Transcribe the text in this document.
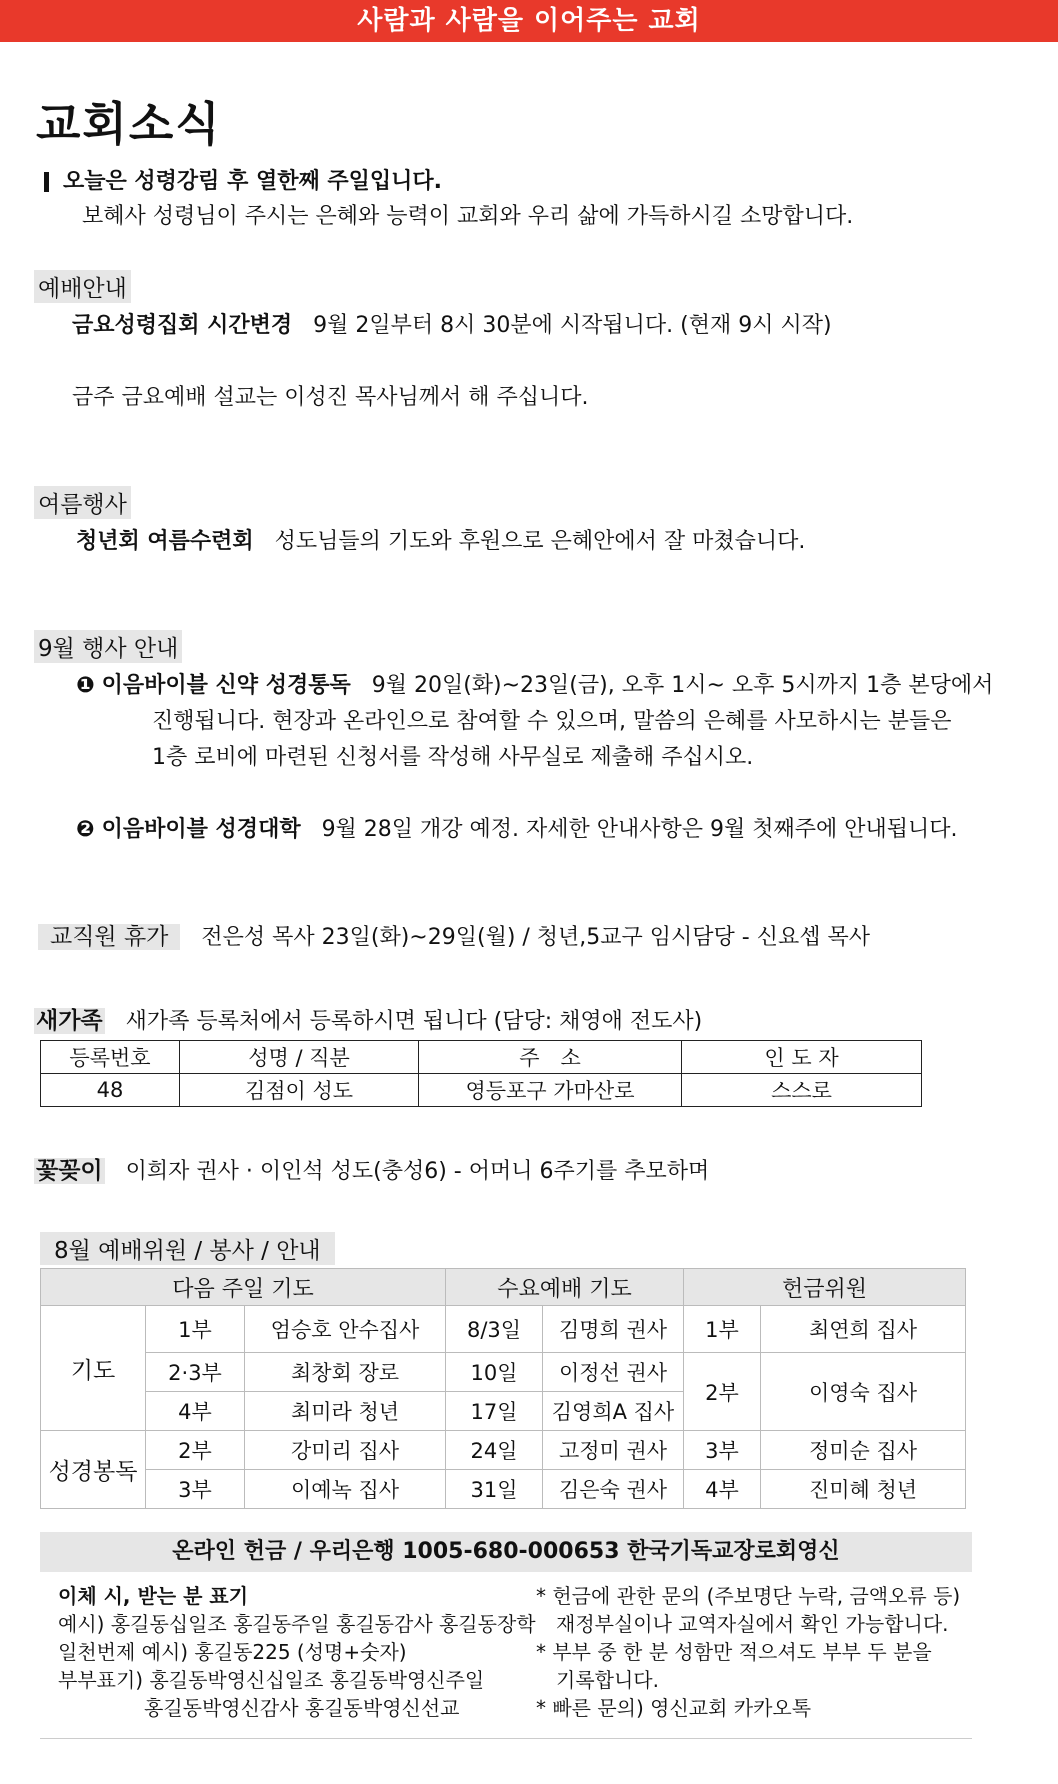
사람과 사람을 이어주는 교회
교회소식
오늘은 성령강림 후 열한째 주일입니다.
보혜사 성령님이 주시는 은혜와 능력이 교회와 우리 삶에 가득하시길 소망합니다.
예배안내
금요성령집회 시간변경 9월 2일부터 8시 30분에 시작됩니다. (현재 9시 시작)
금주 금요예배 설교는 이성진 목사님께서 해 주십니다.
여름행사
청년회 여름수련회 성도님들의 기도와 후원으로 은혜안에서 잘 마쳤습니다.
9월 행사 안내
❶ 이음바이블 신약 성경통독 9월 20일(화)~23일(금), 오후 1시~ 오후 5시까지 1층 본당에서
진행됩니다. 현장과 온라인으로 참여할 수 있으며, 말씀의 은혜를 사모하시는 분들은
1층 로비에 마련된 신청서를 작성해 사무실로 제출해 주십시오.
❷ 이음바이블 성경대학 9월 28일 개강 예정. 자세한 안내사항은 9월 첫째주에 안내됩니다.
교직원 휴가 전은성 목사 23일(화)~29일(월) / 청년,5교구 임시담당 - 신요셉 목사
새가족 새가족 등록처에서 등록하시면 됩니다 (담당: 채영애 전도사)
등록번호	성명 / 직분	주　소	인 도 자
48	김점이 성도	영등포구 가마산로	스스로
꽃꽂이 이희자 권사 · 이인석 성도(충성6) - 어머니 6주기를 추모하며
8월 예배위원 / 봉사 / 안내
다음 주일 기도			수요예배 기도		헌금위원	
기도	1부	엄승호 안수집사	8/3일	김명희 권사	1부	최연희 집사
	2·3부	최창회 장로	10일	이정선 권사	2부	이영숙 집사
	4부	최미라 청년	17일	김영희A 집사		
성경봉독	2부	강미리 집사	24일	고정미 권사	3부	정미순 집사
	3부	이예녹 집사	31일	김은숙 권사	4부	진미혜 청년
온라인 헌금 / 우리은행 1005-680-000653 한국기독교장로회영신
이체 시, 받는 분 표기
예시) 홍길동십일조 홍길동주일 홍길동감사 홍길동장학
일천번제 예시) 홍길동225 (성명+숫자)
부부표기) 홍길동박영신십일조 홍길동박영신주일
홍길동박영신감사 홍길동박영신선교
* 헌금에 관한 문의 (주보명단 누락, 금액오류 등)
재정부실이나 교역자실에서 확인 가능합니다.
* 부부 중 한 분 성함만 적으셔도 부부 두 분을
기록합니다.
* 빠른 문의) 영신교회 카카오톡
